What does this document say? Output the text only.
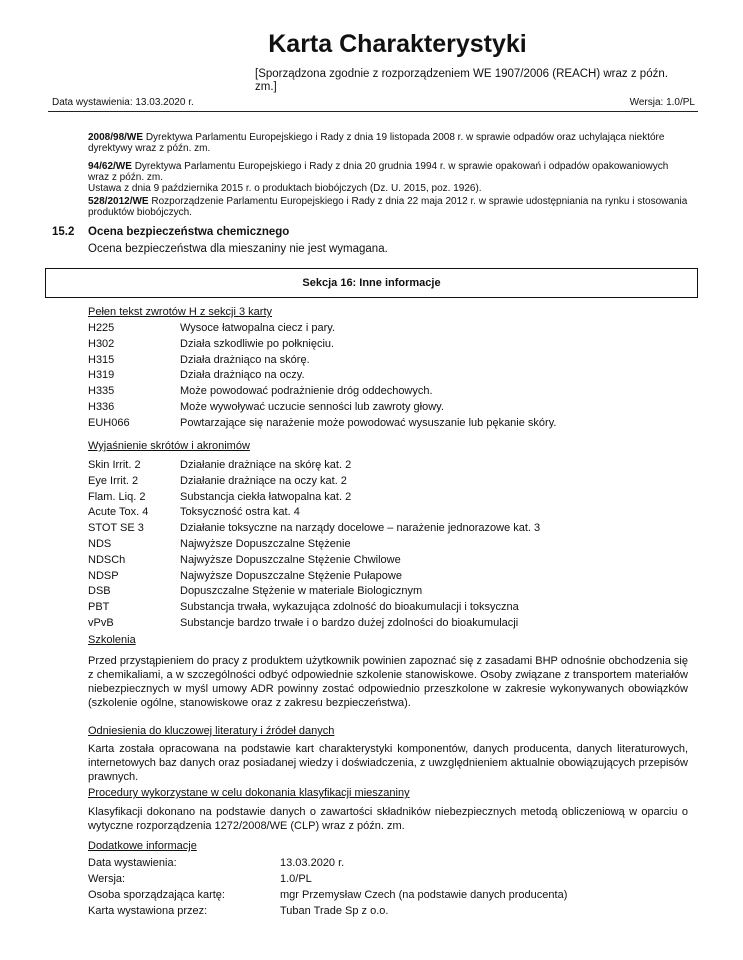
Karta Charakterystyki
[Sporządzona zgodnie z rozporządzeniem WE 1907/2006 (REACH) wraz z późn. zm.]
Data wystawienia: 13.03.2020 r.	Wersja: 1.0/PL
2008/98/WE Dyrektywa Parlamentu Europejskiego i Rady z dnia 19 listopada 2008 r. w sprawie odpadów oraz uchylająca niektóre dyrektywy wraz z późn. zm.
94/62/WE Dyrektywa Parlamentu Europejskiego i Rady z dnia 20 grudnia 1994 r. w sprawie opakowań i odpadów opakowaniowych wraz z późn. zm.
Ustawa z dnia 9 października 2015 r. o produktach biobójczych (Dz. U. 2015, poz. 1926).
528/2012/WE Rozporządzenie Parlamentu Europejskiego i Rady z dnia 22 maja 2012 r. w sprawie udostępniania na rynku i stosowania produktów biobójczych.
15.2 Ocena bezpieczeństwa chemicznego
Ocena bezpieczeństwa dla mieszaniny nie jest wymagana.
Sekcja 16: Inne informacje
Pełen tekst zwrotów H z sekcji 3 karty
H225	Wysoce łatwopalna ciecz i pary.
H302	Działa szkodliwie po połknięciu.
H315	Działa drażniąco na skórę.
H319	Działa drażniąco na oczy.
H335	Może powodować podrażnienie dróg oddechowych.
H336	Może wywoływać uczucie senności lub zawroty głowy.
EUH066	Powtarzające się narażenie może powodować wysuszanie lub pękanie skóry.
Wyjaśnienie skrótów i akronimów
Skin Irrit. 2	Działanie drażniące na skórę kat. 2
Eye Irrit. 2	Działanie drażniące na oczy kat. 2
Flam. Liq. 2	Substancja ciekła łatwopalna kat. 2
Acute Tox. 4	Toksyczność ostra kat. 4
STOT SE 3	Działanie toksyczne na narządy docelowe – narażenie jednorazowe kat. 3
NDS	Najwyższe Dopuszczalne Stężenie
NDSCh	Najwyższe Dopuszczalne Stężenie Chwilowe
NDSP	Najwyższe Dopuszczalne Stężenie Pułapowe
DSB	Dopuszczalne Stężenie w materiale Biologicznym
PBT	Substancja trwała, wykazująca zdolność do bioakumulacji i toksyczna
vPvB	Substancje bardzo trwałe i o bardzo dużej zdolności do bioakumulacji
Szkolenia
Przed przystąpieniem do pracy z produktem użytkownik powinien zapoznać się z zasadami BHP odnośnie obchodzenia się z chemikaliami, a w szczególności odbyć odpowiednie szkolenie stanowiskowe. Osoby związane z transportem materiałów niebezpiecznych w myśl umowy ADR powinny zostać odpowiednio przeszkolone w zakresie wykonywanych obowiązków (szkolenie ogólne, stanowiskowe oraz z zakresu bezpieczeństwa).
Odniesienia do kluczowej literatury i źródeł danych
Karta została opracowana na podstawie kart charakterystyki komponentów, danych producenta, danych literaturowych, internetowych baz danych oraz posiadanej wiedzy i doświadczenia, z uwzględnieniem aktualnie obowiązujących przepisów prawnych.
Procedury wykorzystane w celu dokonania klasyfikacji mieszaniny
Klasyfikacji dokonano na podstawie danych o zawartości składników niebezpiecznych metodą obliczeniową w oparciu o wytyczne rozporządzenia 1272/2008/WE (CLP) wraz z późn. zm.
Dodatkowe informacje
Data wystawienia:	13.03.2020 r.
Wersja:	1.0/PL
Osoba sporządzająca kartę:	mgr Przemysław Czech (na podstawie danych producenta)
Karta wystawiona przez:	Tuban Trade Sp z o.o.
